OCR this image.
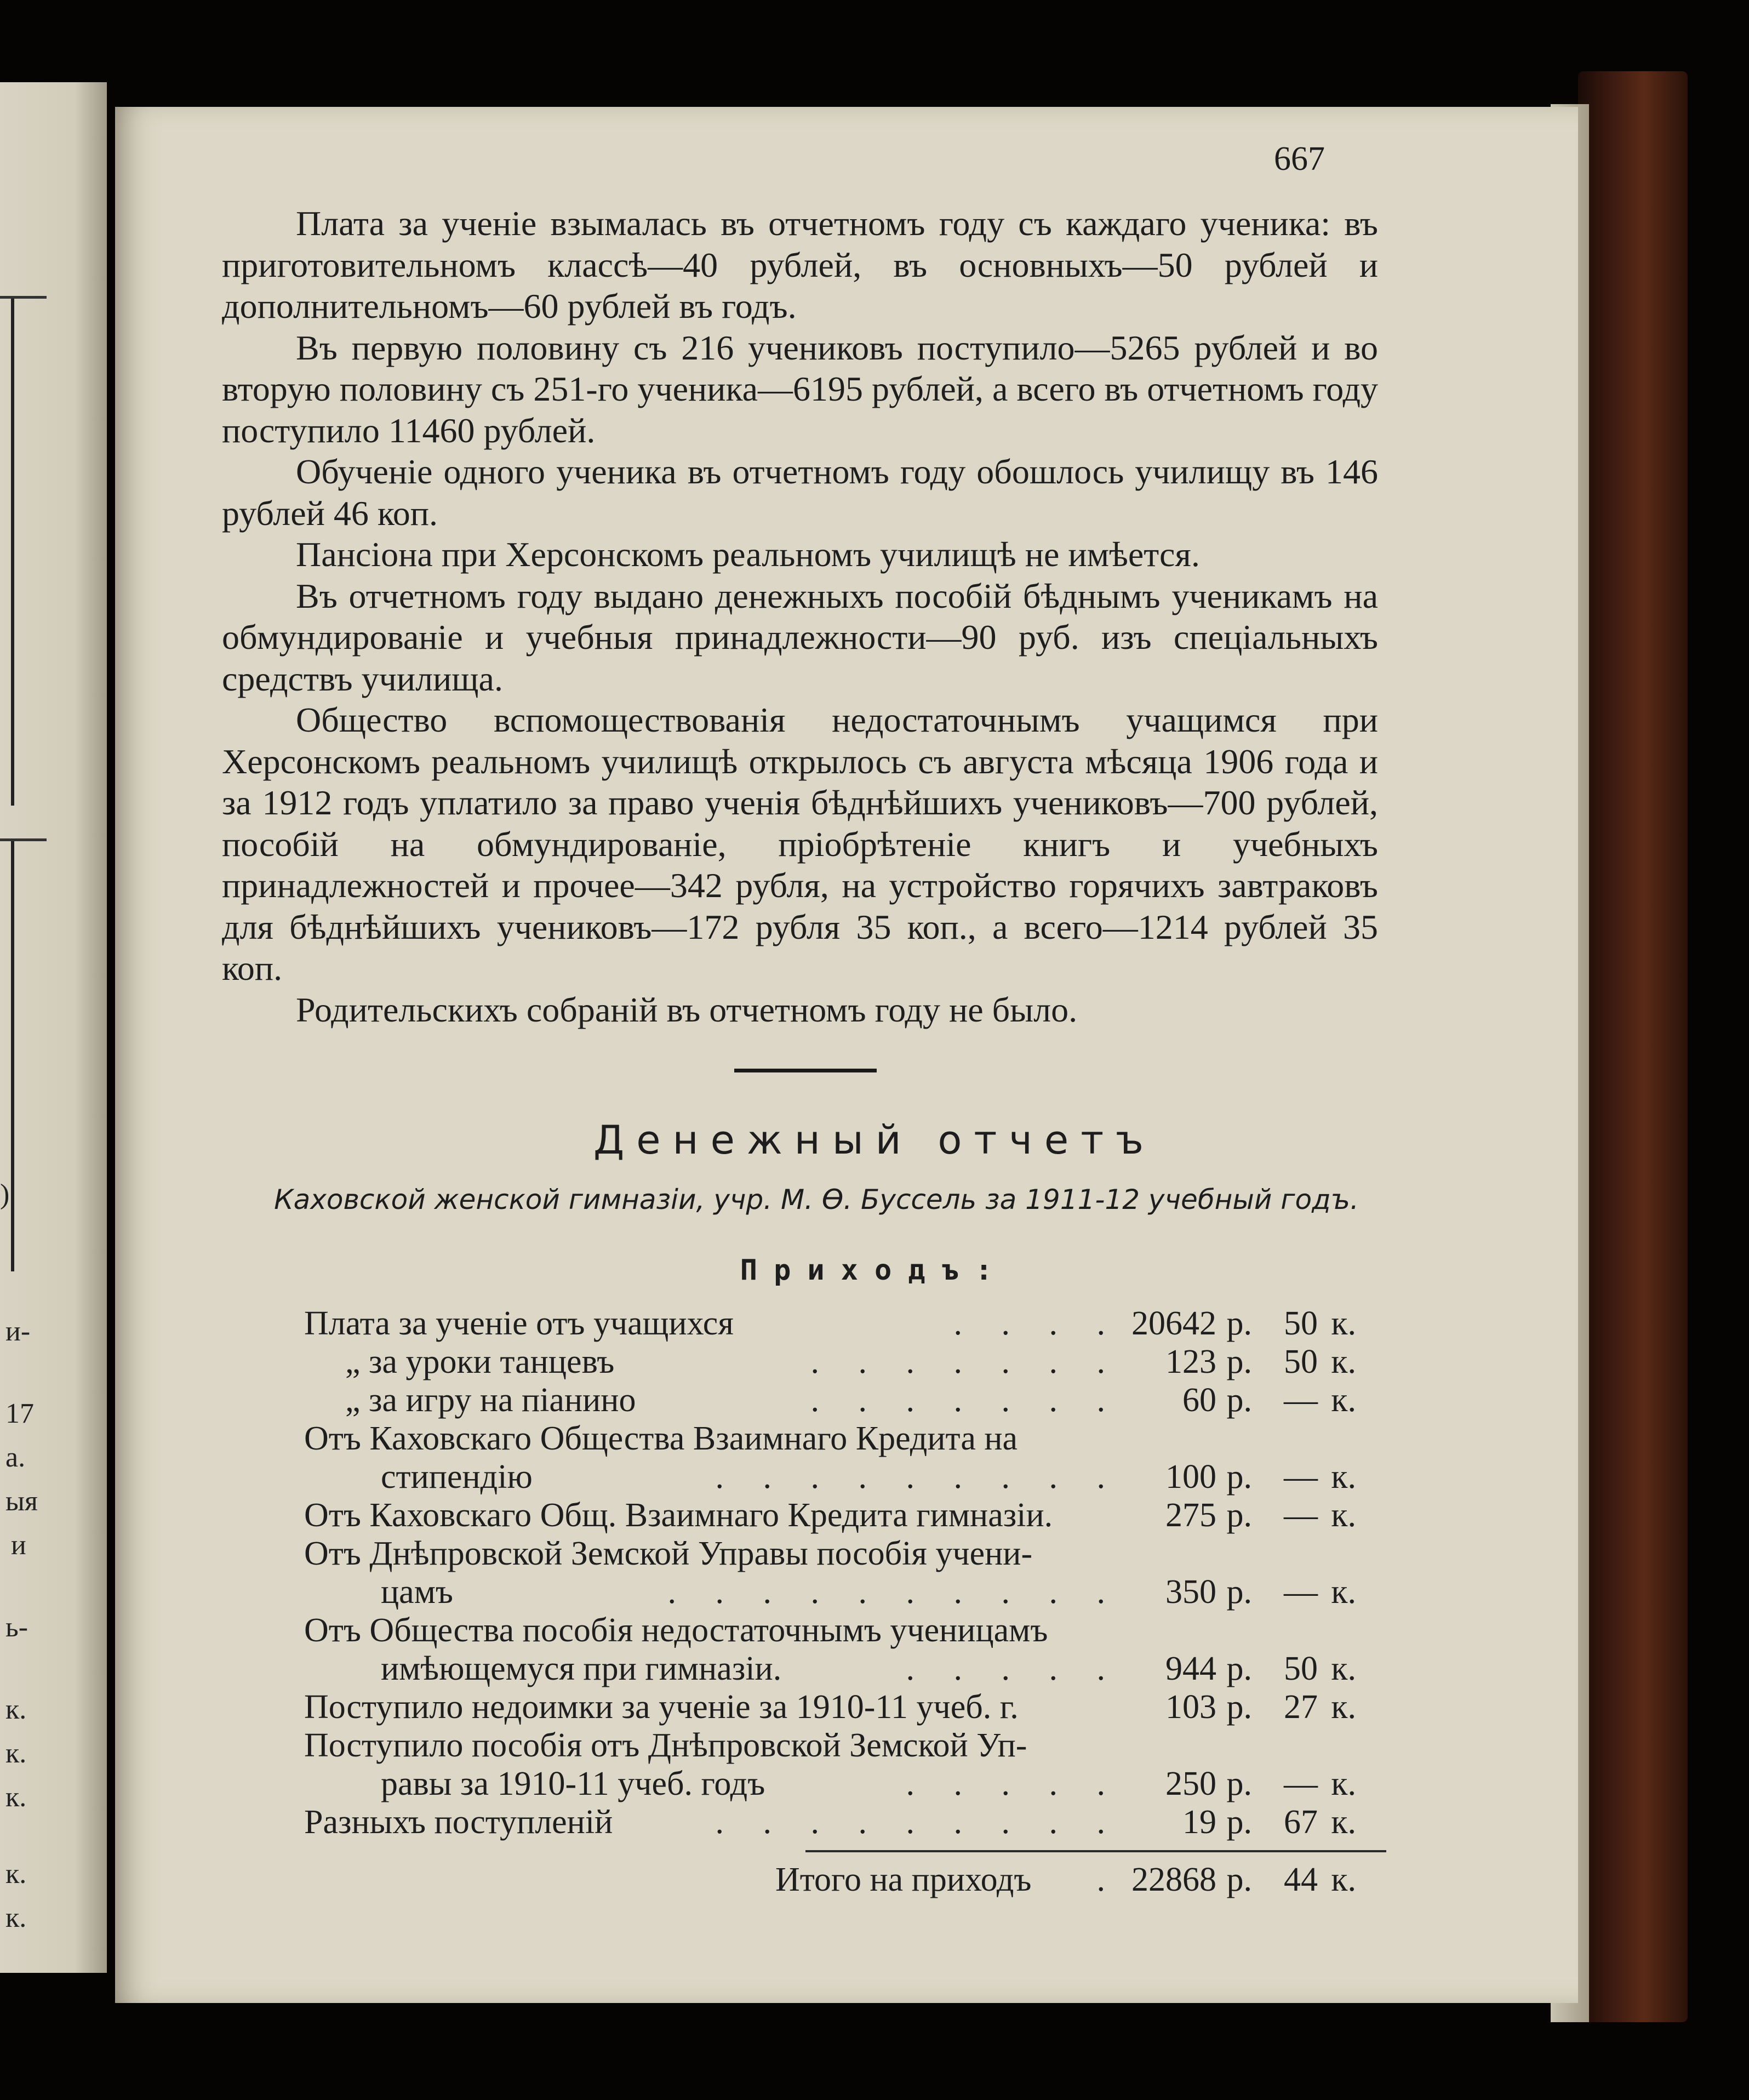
)
и-
17
а.
ыя
и
ь-
к.
к.
к.
к.
к.
667

Плата за ученіе взымалась въ отчетномъ году съ каждаго ученика: въ приготовительномъ классѣ—40 рублей, въ основныхъ—50 рублей и дополнительномъ—60 рублей въ годъ.

Въ первую половину съ 216 учениковъ поступило—5265 рублей и во вторую половину съ 251-го ученика—6195 рублей, а всего въ отчетномъ году поступило 11460 рублей.

Обученіе одного ученика въ отчетномъ году обошлось училищу въ 146 рублей 46 коп.

Пансіона при Херсонскомъ реальномъ училищѣ не имѣется.

Въ отчетномъ году выдано денежныхъ пособій бѣднымъ ученикамъ на обмундированіе и учебныя принадлежности—90 руб. изъ спеціальныхъ средствъ училища.

Общество вспомоществованія недостаточнымъ учащимся при Херсонскомъ реальномъ училищѣ открылось съ августа мѣсяца 1906 года и за 1912 годъ уплатило за право ученія бѣднѣйшихъ учениковъ—700 рублей, пособій на обмундированіе, пріобрѣтеніе книгъ и учебныхъ принадлежностей и прочее—342 рубля, на устройство горячихъ завтраковъ для бѣднѣйшихъ учениковъ—172 рубля 35 коп., а всего—1214 рублей 35 коп.

Родительскихъ собраній въ отчетномъ году не было.

Денежный отчетъ
Каховской женской гимназіи, учр. М. Ѳ. Буссель за 1911-12 учебный годъ.
Приходъ:
Плата за ученіе отъ учащихся	. . . . 20642 р. 50 к.
„ за уроки танцевъ	. . . . . . .	123 р. 50 к.
„ за игру на піанино	. . . . . . .	60 р. — к.
Отъ Каховскаго Общества Взаимнаго Кредита на
стипендію	. . . . . . . . .	100 р. — к.
Отъ Каховскаго Общ. Взаимнаго Кредита гимназіи.	275 р. — к.
Отъ Днѣпровской Земской Управы пособія учени-
цамъ	. . . . . . . . . .	350 р. — к.
Отъ Общества пособія недостаточнымъ ученицамъ
имѣющемуся при гимназіи.	. . . . .	944 р. 50 к.
Поступило недоимки за ученіе за 1910-11 учеб. г.	103 р. 27 к.
Поступило пособія отъ Днѣпровской Земской Уп-
равы за 1910-11 учеб. годъ	. . . . .	250 р. — к.
Разныхъ поступленій	. . . . . . . . .	19 р. 67 к.
Итого на приходъ . 22868 р. 44 к.
